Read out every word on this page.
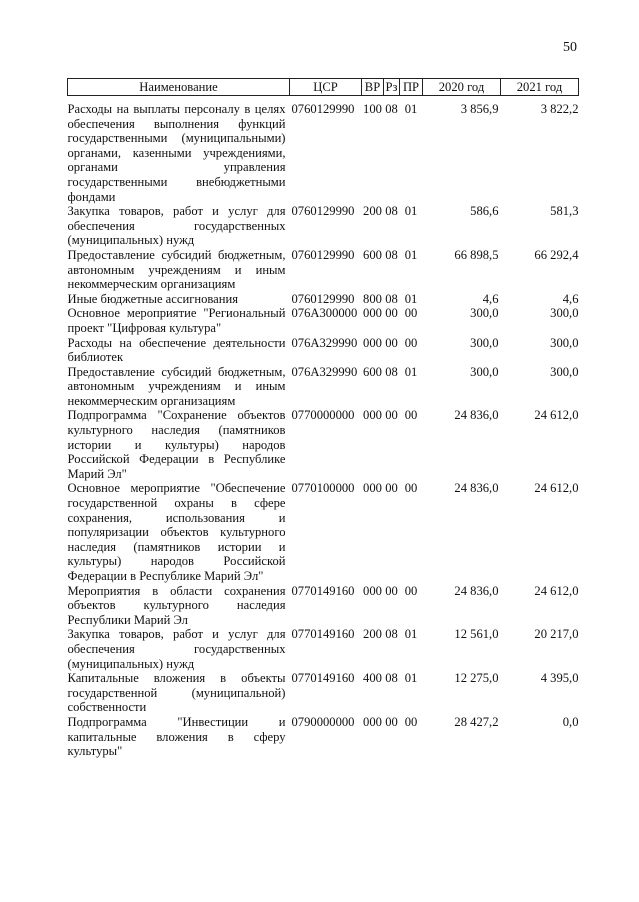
50
Наименование	ЦСР	ВР	Рз	ПР	2020 год	2021 год
Расходы на выплаты персоналу в целях обеспечения выполнения функций государственными (муниципальными) органами, казенными учреждениями, органами управления государственными внебюджетными фондами	0760129990	100	08	01	3 856,9	3 822,2
Закупка товаров, работ и услуг для обеспечения государственных (муниципальных) нужд	0760129990	200	08	01	586,6	581,3
Предоставление субсидий бюджетным, автономным учреждениям и иным некоммерческим организациям	0760129990	600	08	01	66 898,5	66 292,4
Иные бюджетные ассигнования	0760129990	800	08	01	4,6	4,6
Основное мероприятие "Региональный проект "Цифровая культура"	076А300000	000	00	00	300,0	300,0
Расходы на обеспечение деятельности библиотек	076А329990	000	00	00	300,0	300,0
Предоставление субсидий бюджетным, автономным учреждениям и иным некоммерческим организациям	076А329990	600	08	01	300,0	300,0
Подпрограмма "Сохранение объектов культурного наследия (памятников истории и культуры) народов Российской Федерации в Республике Марий Эл"	0770000000	000	00	00	24 836,0	24 612,0
Основное мероприятие "Обеспечение государственной охраны в сфере сохранения, использования и популяризации объектов культурного наследия (памятников истории и культуры) народов Российской Федерации в Республике Марий Эл"	0770100000	000	00	00	24 836,0	24 612,0
Мероприятия в области сохранения объектов культурного наследия Республики Марий Эл	0770149160	000	00	00	24 836,0	24 612,0
Закупка товаров, работ и услуг для обеспечения государственных (муниципальных) нужд	0770149160	200	08	01	12 561,0	20 217,0
Капитальные вложения в объекты государственной (муниципальной) собственности	0770149160	400	08	01	12 275,0	4 395,0
Подпрограмма "Инвестиции и капитальные вложения в сферу культуры"	0790000000	000	00	00	28 427,2	0,0
